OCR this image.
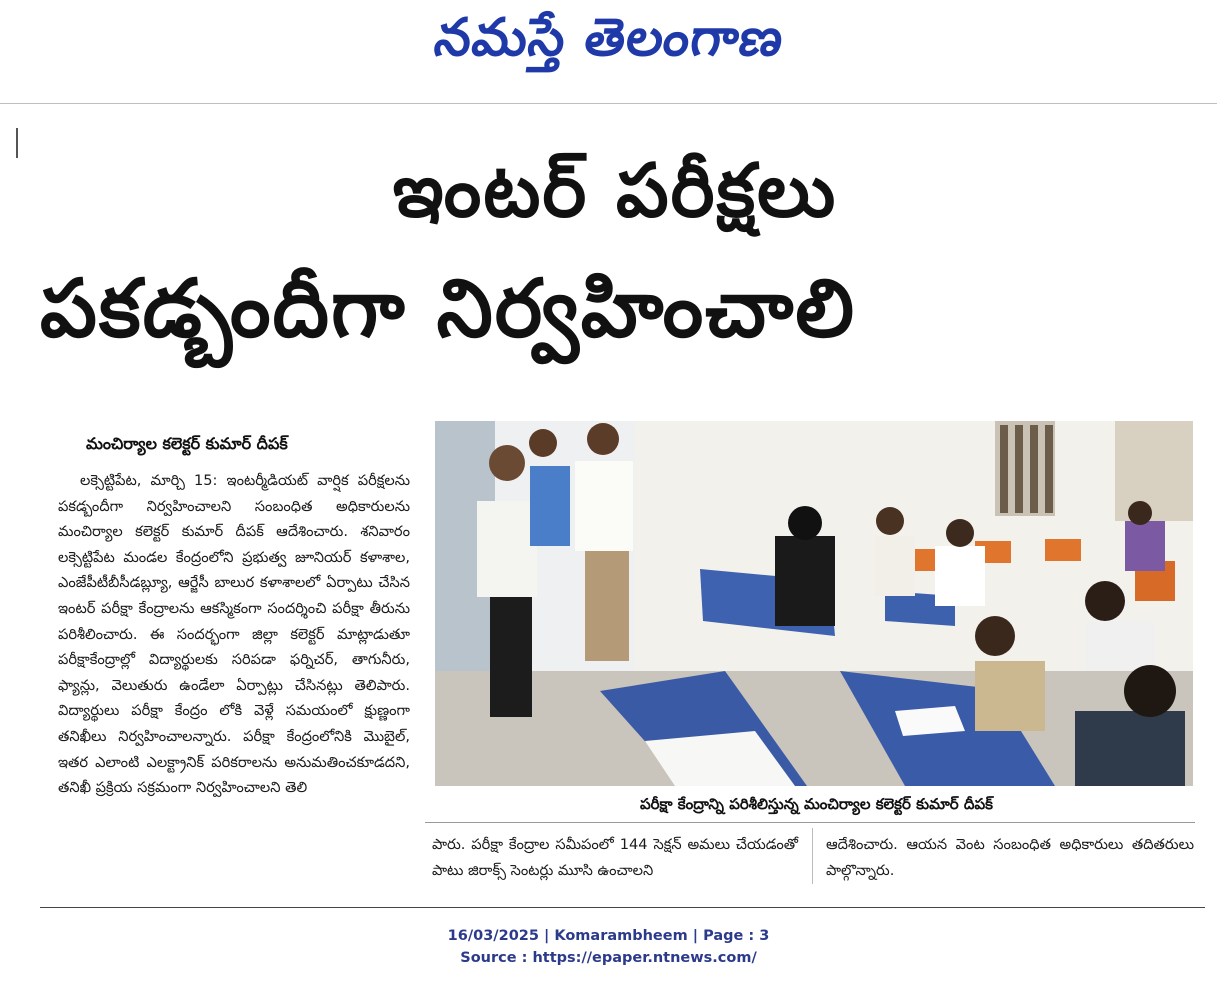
నమస్తే తెలంగాణ
ఇంటర్ పరీక్షలు
పకడ్బందీగా నిర్వహించాలి
మంచిర్యాల కలెక్టర్ కుమార్ దీపక్

లక్సెట్టిపేట, మార్చి 15: ఇంటర్మీడియట్ వార్షిక పరీక్షలను పకడ్బందీగా నిర్వహించాలని సంబంధిత అధికారులను మంచిర్యాల కలెక్టర్ కుమార్ దీపక్ ఆదేశించారు. శనివారం లక్సెట్టిపేట మండల కేంద్రంలోని ప్రభుత్వ జూనియర్ కళాశాల, ఎంజేపీటీబీసీడబ్ల్యూ, ఆర్జేసీ బాలుర కళాశాలలో ఏర్పాటు చేసిన ఇంటర్ పరీక్షా కేంద్రాలను ఆకస్మికంగా సందర్శించి పరీక్షా తీరును పరిశీలించారు. ఈ సందర్భంగా జిల్లా కలెక్టర్ మాట్లాడుతూ పరీక్షాకేంద్రాల్లో విద్యార్థులకు సరిపడా ఫర్నిచర్, తాగునీరు, ఫ్యాన్లు, వెలుతురు ఉండేలా ఏర్పాట్లు చేసినట్లు తెలిపారు. విద్యార్థులు పరీక్షా కేంద్రం లోకి వెళ్లే సమయంలో క్షుణ్ణంగా తనిఖీలు నిర్వహించాలన్నారు. పరీక్షా కేంద్రంలోనికి మొబైల్, ఇతర ఎలాంటి ఎలక్ట్రానిక్ పరికరాలను అనుమతించకూడదని, తనిఖీ ప్రక్రియ సక్రమంగా నిర్వహించాలని తెలి

పరీక్షా కేంద్రాన్ని పరిశీలిస్తున్న మంచిర్యాల కలెక్టర్ కుమార్ దీపక్
పారు. పరీక్షా కేంద్రాల సమీపంలో 144 సెక్షన్ అమలు చేయడంతో పాటు జిరాక్స్ సెంటర్లు మూసి ఉంచాలని
ఆదేశించారు. ఆయన వెంట సంబంధిత అధికారులు తదితరులు పాల్గొన్నారు.
16/03/2025 | Komarambheem | Page : 3
Source : https://epaper.ntnews.com/
